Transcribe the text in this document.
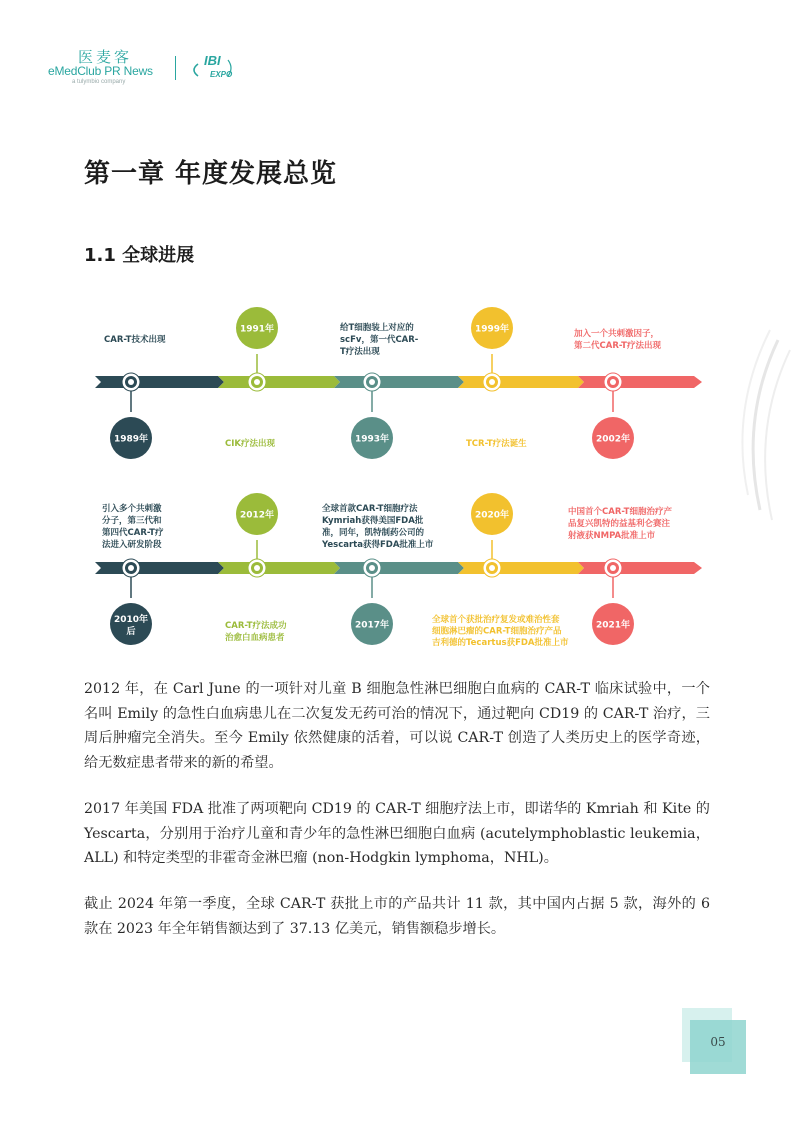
医麦客
eMedClub PR News
a tulymbio company
IBI
EXPO
第一章 年度发展总览
1.1 全球进展
1989年
1991年
1993年
1999年
2002年
CAR-T技术出现
CIK疗法出现
给T细胞装上对应的
scFv，第一代CAR-
T疗法出现
TCR-T疗法诞生
加入一个共刺激因子，
第二代CAR-T疗法出现
2010年
后
2012年
2017年
2020年
2021年
引入多个共刺激
分子，第三代和
第四代CAR-T疗
法进入研发阶段
CAR-T疗法成功
治愈白血病患者
全球首款CAR-T细胞疗法
Kymriah获得美国FDA批
准，同年，凯特制药公司的
Yescarta获得FDA批准上市
全球首个获批治疗复发或难治性套
细胞淋巴瘤的CAR-T细胞治疗产品
吉利德的Tecartus获FDA批准上市
中国首个CAR-T细胞治疗产
品复兴凯特的益基利仑赛注
射液获NMPA批准上市
2012 年，在 Carl June 的一项针对儿童 B 细胞急性淋巴细胞白血病的 CAR-T 临床试验中，一个名叫 Emily 的急性白血病患儿在二次复发无药可治的情况下，通过靶向 CD19 的 CAR-T 治疗，三周后肿瘤完全消失。至今 Emily 依然健康的活着，可以说 CAR-T 创造了人类历史上的医学奇迹，给无数症患者带来的新的希望。
2017 年美国 FDA 批准了两项靶向 CD19 的 CAR-T 细胞疗法上市，即诺华的 Kmriah 和 Kite 的 Yescarta，分别用于治疗儿童和青少年的急性淋巴细胞白血病 (acutelymphoblastic leukemia，ALL) 和特定类型的非霍奇金淋巴瘤 (non-Hodgkin lymphoma，NHL)。
截止 2024 年第一季度，全球 CAR-T 获批上市的产品共计 11 款，其中国内占据 5 款，海外的 6 款在 2023 年全年销售额达到了 37.13 亿美元，销售额稳步增长。
05
